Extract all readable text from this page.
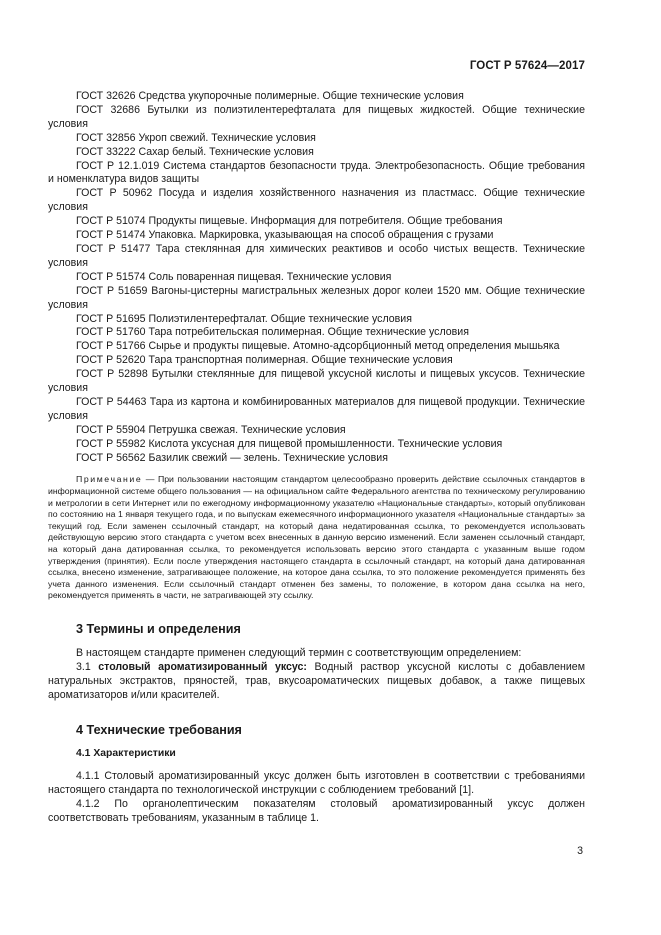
ГОСТ Р 57624—2017

ГОСТ 32626 Средства укупорочные полимерные. Общие технические условия

ГОСТ 32686 Бутылки из полиэтилентерефталата для пищевых жидкостей. Общие технические условия

ГОСТ 32856 Укроп свежий. Технические условия

ГОСТ 33222 Сахар белый. Технические условия

ГОСТ Р 12.1.019 Система стандартов безопасности труда. Электробезопасность. Общие требования и номенклатура видов защиты

ГОСТ Р 50962 Посуда и изделия хозяйственного назначения из пластмасс. Общие технические условия

ГОСТ Р 51074 Продукты пищевые. Информация для потребителя. Общие требования

ГОСТ Р 51474 Упаковка. Маркировка, указывающая на способ обращения с грузами

ГОСТ Р 51477 Тара стеклянная для химических реактивов и особо чистых веществ. Технические условия

ГОСТ Р 51574 Соль поваренная пищевая. Технические условия

ГОСТ Р 51659 Вагоны-цистерны магистральных железных дорог колеи 1520 мм. Общие технические условия

ГОСТ Р 51695 Полиэтилентерефталат. Общие технические условия

ГОСТ Р 51760 Тара потребительская полимерная. Общие технические условия

ГОСТ Р 51766 Сырье и продукты пищевые. Атомно-адсорбционный метод определения мышьяка

ГОСТ Р 52620 Тара транспортная полимерная. Общие технические условия

ГОСТ Р 52898 Бутылки стеклянные для пищевой уксусной кислоты и пищевых уксусов. Технические условия

ГОСТ Р 54463 Тара из картона и комбинированных материалов для пищевой продукции. Технические условия

ГОСТ Р 55904 Петрушка свежая. Технические условия

ГОСТ Р 55982 Кислота уксусная для пищевой промышленности. Технические условия

ГОСТ Р 56562 Базилик свежий — зелень. Технические условия

Примечание — При пользовании настоящим стандартом целесообразно проверить действие ссылочных стандартов в информационной системе общего пользования — на официальном сайте Федерального агентства по техническому регулированию и метрологии в сети Интернет или по ежегодному информационному указателю «Национальные стандарты», который опубликован по состоянию на 1 января текущего года, и по выпускам ежемесячного информационного указателя «Национальные стандарты» за текущий год. Если заменен ссылочный стандарт, на который дана недатированная ссылка, то рекомендуется использовать действующую версию этого стандарта с учетом всех внесенных в данную версию изменений. Если заменен ссылочный стандарт, на который дана датированная ссылка, то рекомендуется использовать версию этого стандарта с указанным выше годом утверждения (принятия). Если после утверждения настоящего стандарта в ссылочный стандарт, на который дана датированная ссылка, внесено изменение, затрагивающее положение, на которое дана ссылка, то это положение рекомендуется применять без учета данного изменения. Если ссылочный стандарт отменен без замены, то положение, в котором дана ссылка на него, рекомендуется применять в части, не затрагивающей эту ссылку.
3 Термины и определения

В настоящем стандарте применен следующий термин с соответствующим определением:

3.1 столовый ароматизированный уксус: Водный раствор уксусной кислоты с добавлением натуральных экстрактов, пряностей, трав, вкусоароматических пищевых добавок, а также пищевых ароматизаторов и/или красителей.

4 Технические требования
4.1 Характеристики

4.1.1 Столовый ароматизированный уксус должен быть изготовлен в соответствии с требованиями настоящего стандарта по технологической инструкции с соблюдением требований [1].

4.1.2 По органолептическим показателям столовый ароматизированный уксус должен соответствовать требованиям, указанным в таблице 1.

3
